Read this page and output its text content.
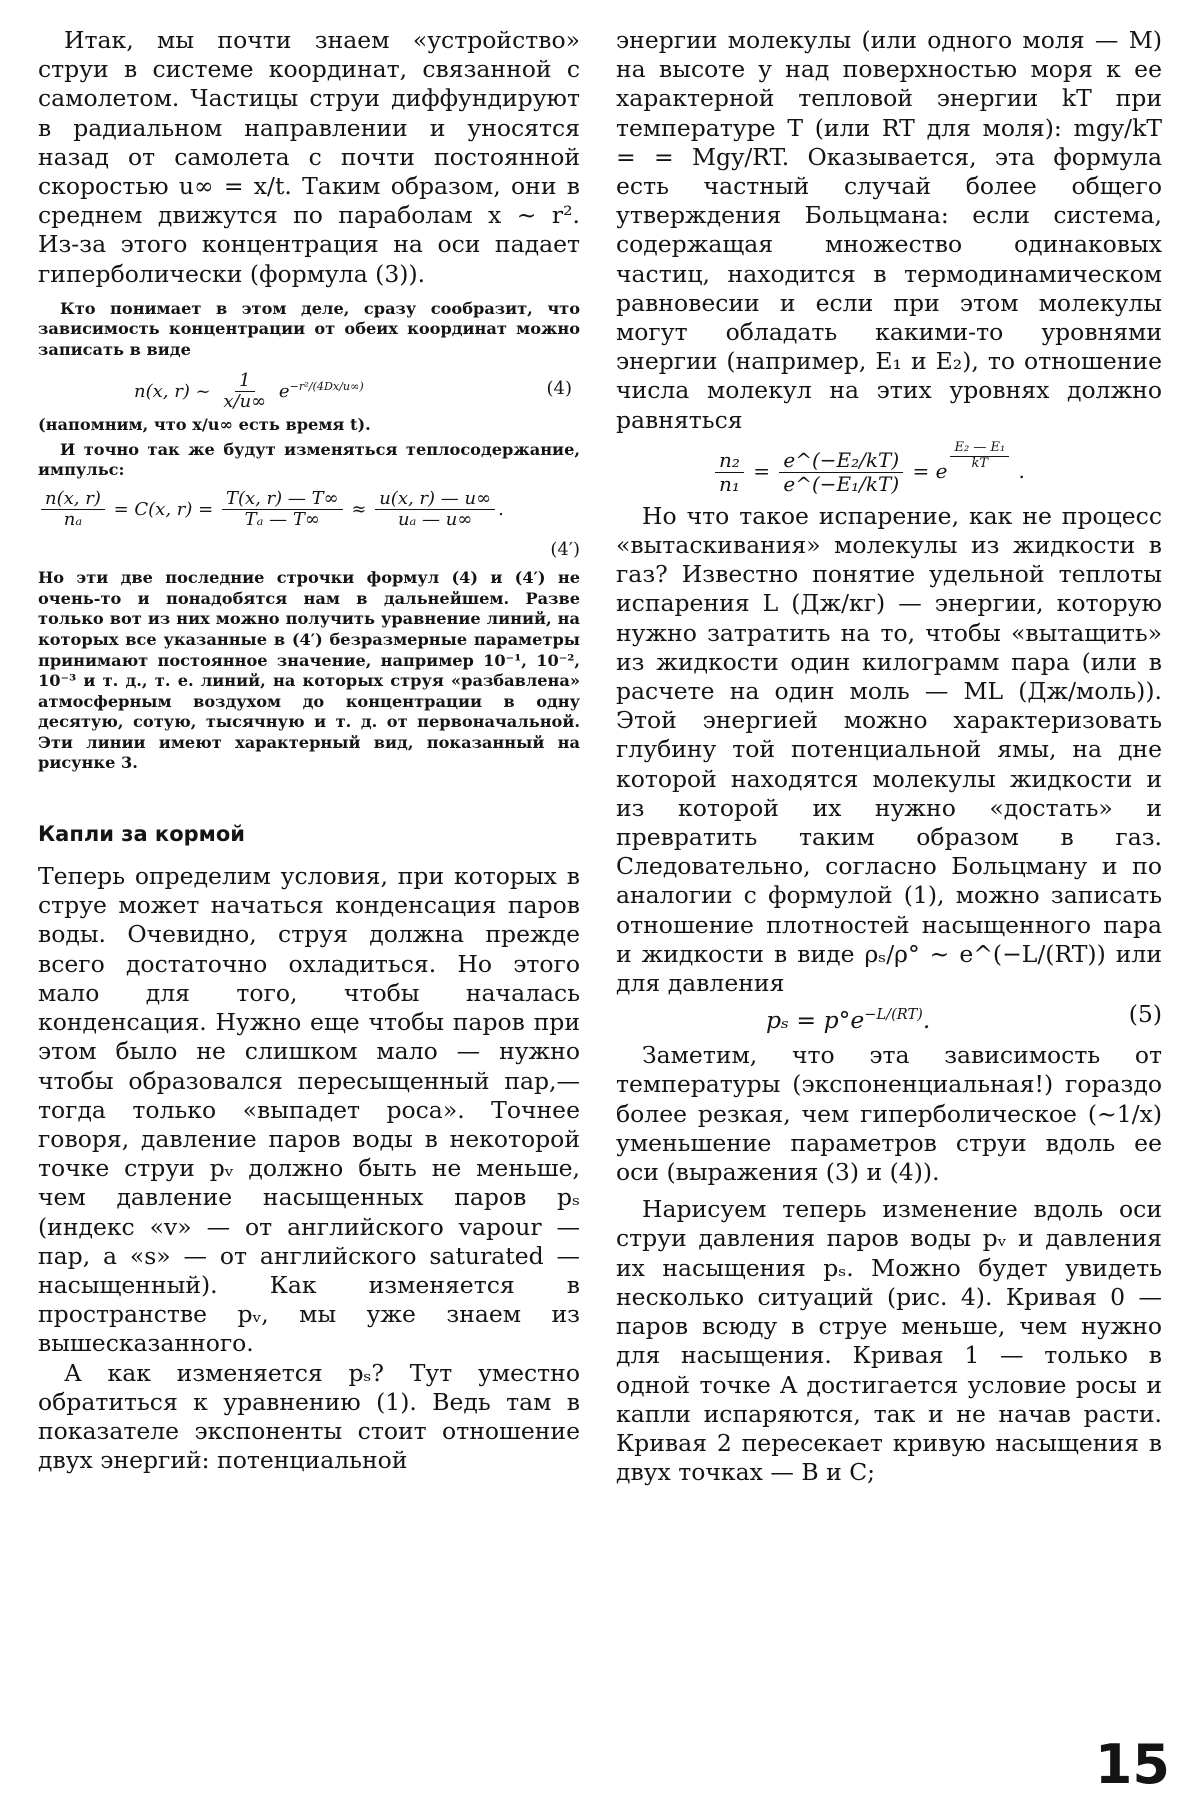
Итак, мы почти знаем «устройство» струи в системе координат, связанной с самолетом. Частицы струи диффундируют в радиальном направлении и уносятся назад от самолета с почти постоянной скоростью u∞ = x/t. Таким образом, они в среднем движутся по параболам x ~ r². Из-за этого концентрация на оси падает гиперболически (формула (3)).

Кто понимает в этом деле, сразу сообразит, что зависимость концентрации от обеих координат можно записать в виде

n(x, r) ~ $\frac{1}{x/u\infty} e^{-r^2/(4Dx/u\infty)}$	(4)

(напомним, что x/u∞ есть время t).

И точно так же будут изменяться теплосодержание, импульс:

$\frac{n(x, r)}{\text{nₐ}} = C(x$, $r) = \frac{T(x, r) — T\infty}{\text{Tₐ — T∞}} \approx \frac{u(x, r) — u\infty}{\text{uₐ — u∞}}$ .
(4′)

Но эти две последние строчки формул (4) и (4′) не очень-то и понадобятся нам в дальнейшем. Разве только вот из них можно получить уравнение линий, на которых все указанные в (4′) безразмерные параметры принимают постоянное значение, например 10⁻¹, 10⁻², 10⁻³ и т. д., т. е. линий, на которых струя «разбавлена» атмосферным воздухом до концентрации в одну десятую, сотую, тысячную и т. д. от первоначальной. Эти линии имеют характерный вид, показанный на рисунке 3.

Капли за кормой

Теперь определим условия, при которых в струе может начаться конденсация паров воды. Очевидно, струя должна прежде всего достаточно охладиться. Но этого мало для того, чтобы началась конденсация. Нужно еще чтобы паров при этом было не слишком мало — нужно чтобы образовался пересыщенный пар,— тогда только «выпадет роса». Точнее говоря, давление паров воды в некоторой точке струи pᵥ должно быть не меньше, чем давление насыщенных паров pₛ (индекс «v» — от английского vapour — пар, а «s» — от английского saturated — насыщенный). Как изменяется в пространстве pᵥ, мы уже знаем из вышесказанного.

А как изменяется pₛ? Тут уместно обратиться к уравнению (1). Ведь там в показателе экспоненты стоит отношение двух энергий: потенциальной

энергии молекулы (или одного моля — M) на высоте y над поверхностью моря к ее характерной тепловой энергии kT при температуре T (или RT для моля): mgy/kT = = Mgy/RT. Оказывается, эта формула есть частный случай более общего утверждения Больцмана: если система, содержащая множество одинаковых частиц, находится в термодинамическом равновесии и если при этом молекулы могут обладать какими-то уровнями энергии (например, E₁ и E₂), то отношение числа молекул на этих уровнях должно равняться

$\frac{\text{n₂}}{\text{n₁}} = \frac{\text{e\textasciicircum{}(−E₂/kT)}}{\text{e\textasciicircum{}(−E₁/kT)}} = e$ $^{\frac{\text{E₂ — E₁}}{kT}}$ .

Но что такое испарение, как не процесс «вытаскивания» молекулы из жидкости в газ? Известно понятие удельной теплоты испарения L (Дж/кг) — энергии, которую нужно затратить на то, чтобы «вытащить» из жидкости один килограмм пара (или в расчете на один моль — ML (Дж/моль)). Этой энергией можно характеризовать глубину той потенциальной ямы, на дне которой находятся молекулы жидкости и из которой их нужно «достать» и превратить таким образом в газ. Следовательно, согласно Больцману и по аналогии с формулой (1), можно записать отношение плотностей насыщенного пара и жидкости в виде ρₛ/ρ° ~ e^(−L/(RT)) или для давления

$p_s = p^\circ e^{-L/(RT)}$.	(5)

Заметим, что эта зависимость от температуры (экспоненциальная!) гораздо более резкая, чем гиперболическое (~1/x) уменьшение параметров струи вдоль ее оси (выражения (3) и (4)).

Нарисуем теперь изменение вдоль оси струи давления паров воды pᵥ и давления их насыщения pₛ. Можно будет увидеть несколько ситуаций (рис. 4). Кривая 0 — паров всюду в струе меньше, чем нужно для насыщения. Кривая 1 — только в одной точке A достигается условие росы и капли испаряются, так и не начав расти. Кривая 2 пересекает кривую насыщения в двух точках — B и C;

15
